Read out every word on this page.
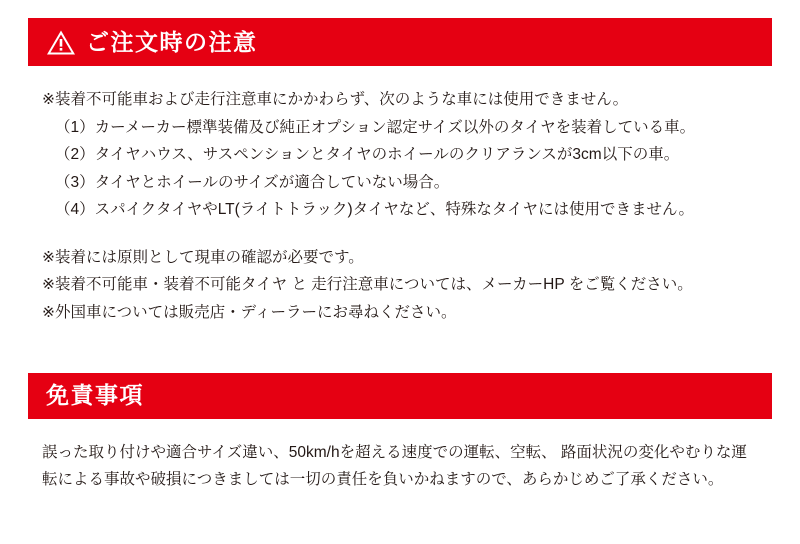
ご注文時の注意

※装着不可能車および走行注意車にかかわらず、次のような車には使用できません。

（1）カーメーカー標準装備及び純正オプション認定サイズ以外のタイヤを装着している車。

（2）タイヤハウス、サスペンションとタイヤのホイールのクリアランスが3cm以下の車。

（3）タイヤとホイールのサイズが適合していない場合。

（4）スパイクタイヤやLT(ライトトラック)タイヤなど、特殊なタイヤには使用できません。

※装着には原則として現車の確認が必要です。

※装着不可能車・装着不可能タイヤ と 走行注意車については、メーカーHP をご覧ください。

※外国車については販売店・ディーラーにお尋ねください。

免責事項

誤った取り付けや適合サイズ違い、50km/hを超える速度での運転、空転、 路面状況の変化やむりな運転による事故や破損につきましては一切の責任を負いかねますので、あらかじめご了承ください。
